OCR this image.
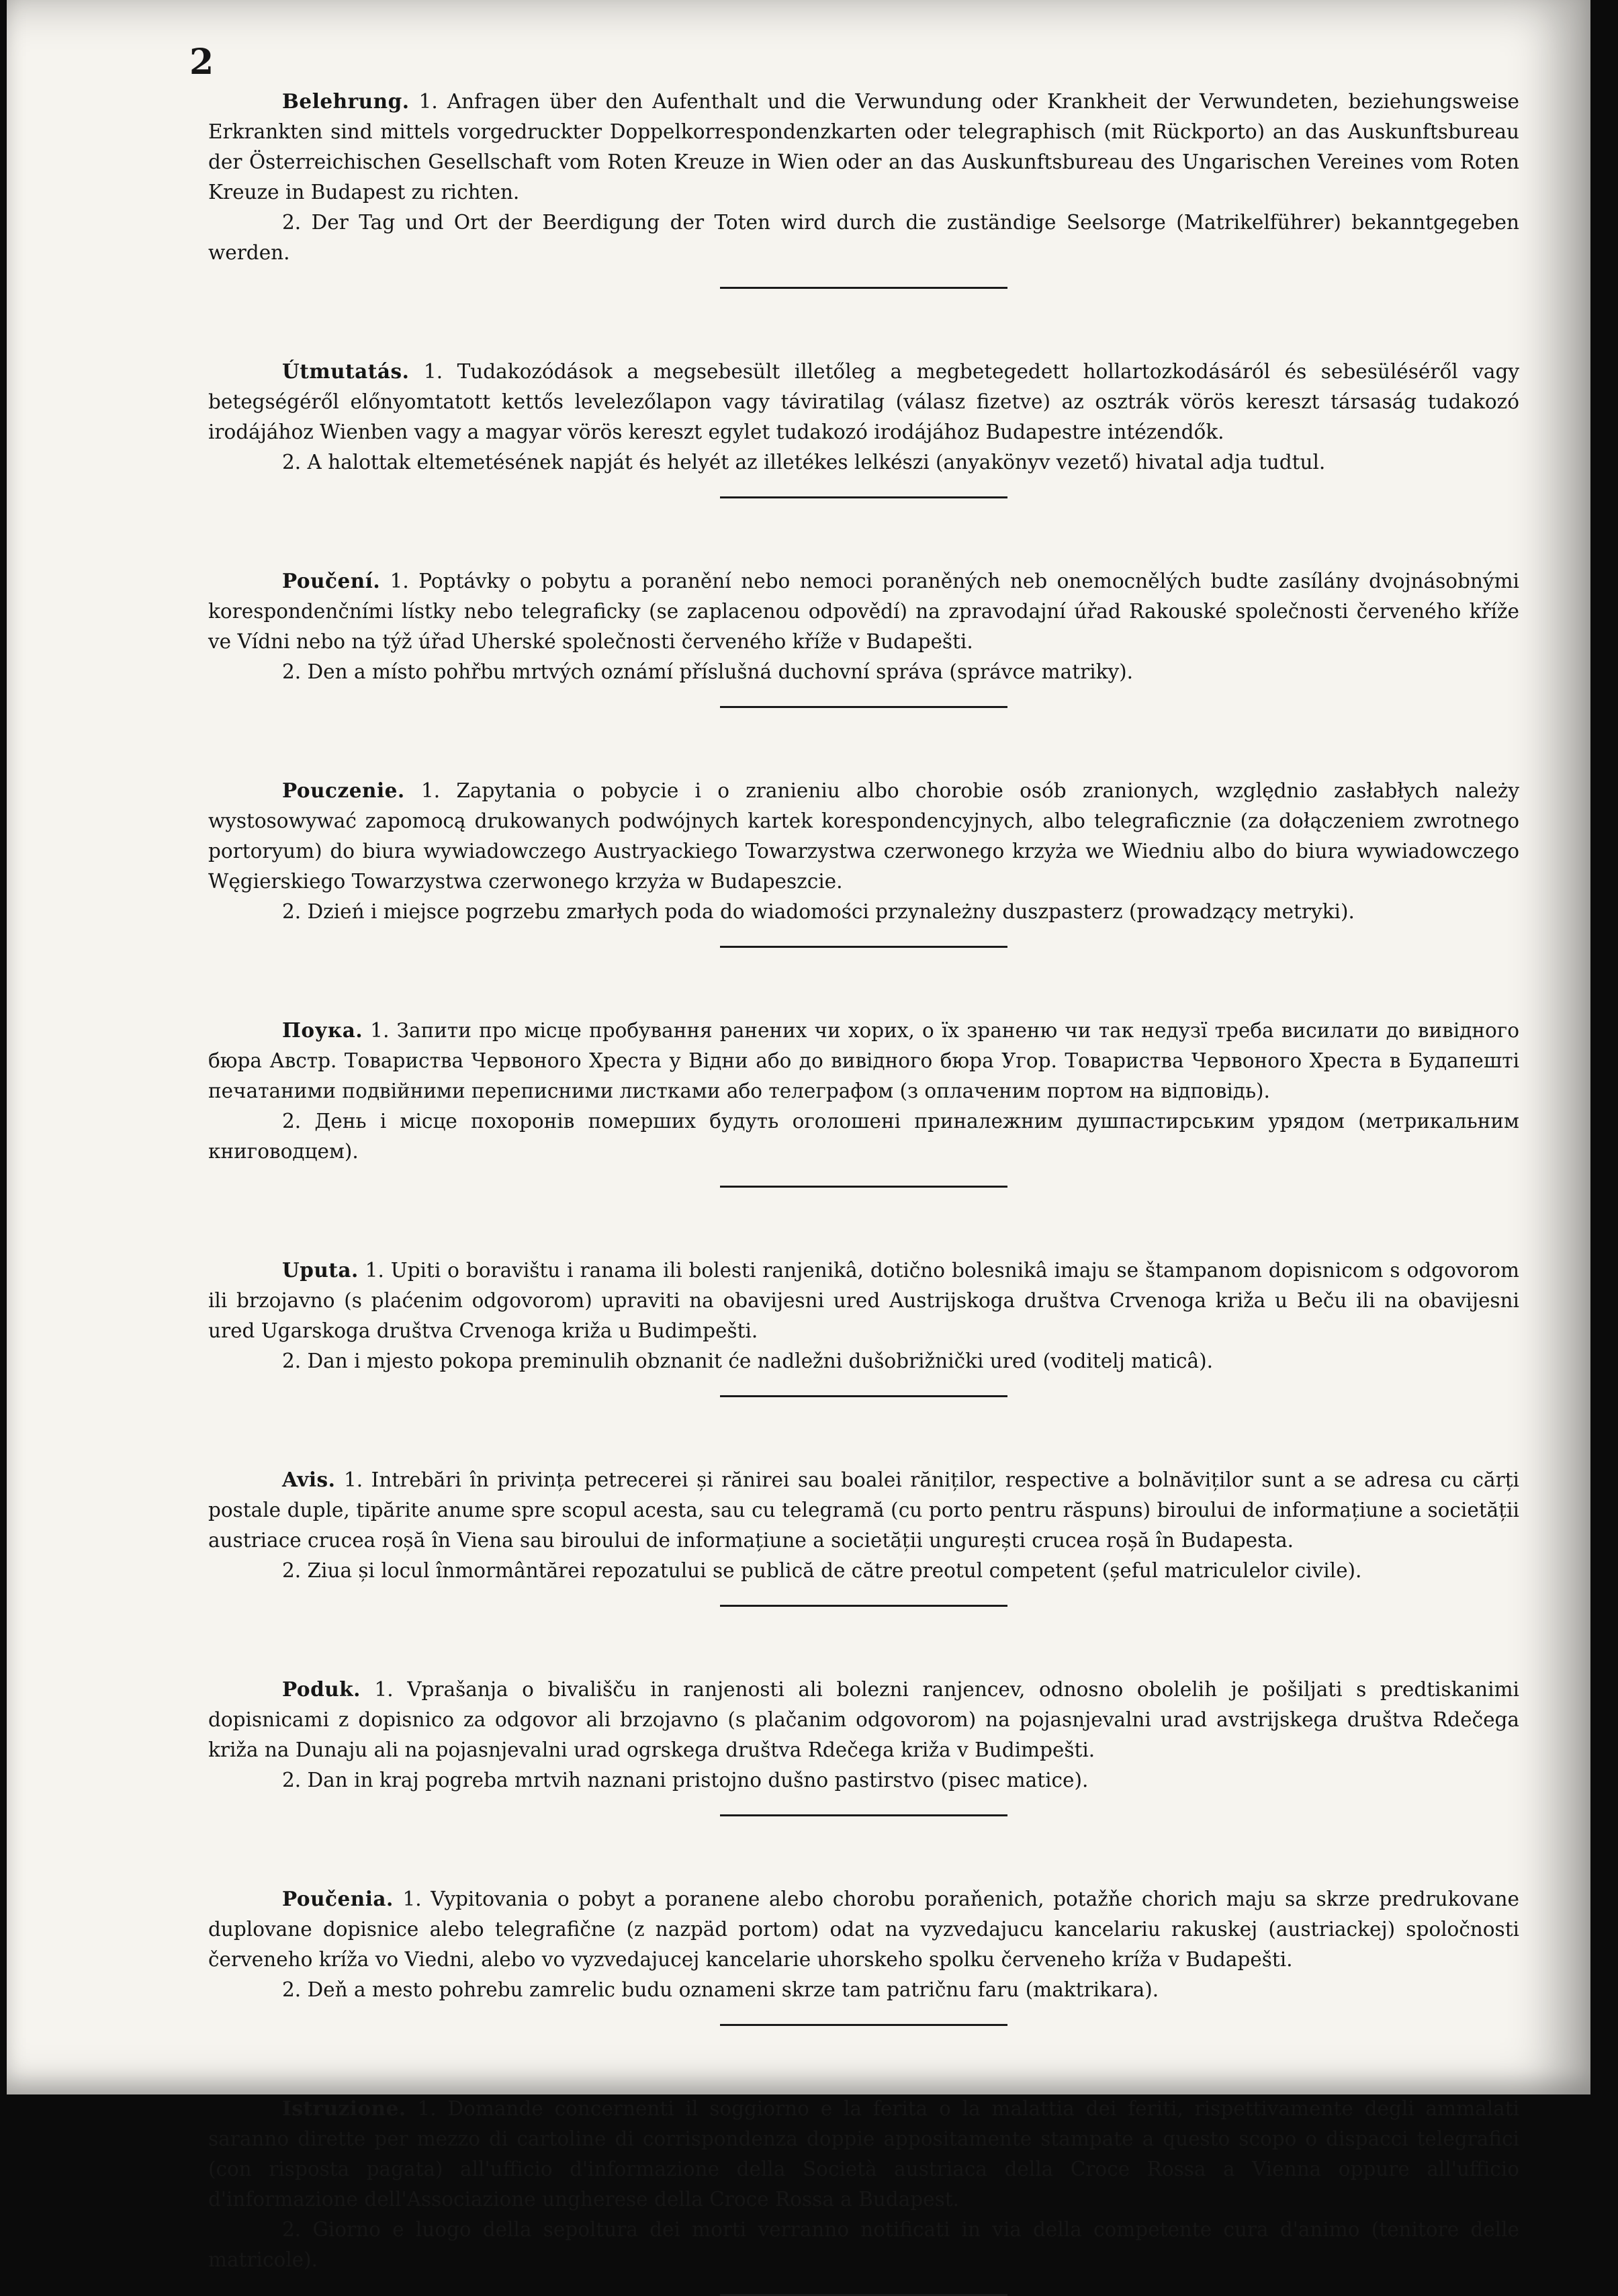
2

Belehrung. 1. Anfragen über den Aufenthalt und die Verwundung oder Krankheit der Verwundeten, beziehungsweise Erkrankten sind mittels vorgedruckter Doppelkorrespondenzkarten oder telegraphisch (mit Rückporto) an das Auskunftsbureau der Österreichischen Gesellschaft vom Roten Kreuze in Wien oder an das Auskunftsbureau des Ungarischen Vereines vom Roten Kreuze in Budapest zu richten.

2. Der Tag und Ort der Beerdigung der Toten wird durch die zuständige Seelsorge (Matrikelführer) bekanntgegeben werden.

Útmutatás. 1. Tudakozódások a megsebesült illetőleg a megbetegedett hollartozkodásáról és sebesüléséről vagy betegségéről előnyomtatott kettős levelezőlapon vagy táviratilag (válasz fizetve) az osztrák vörös kereszt társaság tudakozó irodájához Wienben vagy a magyar vörös kereszt egylet tudakozó irodájához Budapestre intézendők.

2. A halottak eltemetésének napját és helyét az illetékes lelkészi (anyakönyv vezető) hivatal adja tudtul.

Poučení. 1. Poptávky o pobytu a poranění nebo nemoci poraněných neb onemocnělých budte zasílány dvojnásobnými korespondenčními lístky nebo telegraficky (se zaplacenou odpovědí) na zpravodajní úřad Rakouské společnosti červeného kříže ve Vídni nebo na týž úřad Uherské společnosti červeného kříže v Budapešti.

2. Den a místo pohřbu mrtvých oznámí příslušná duchovní správa (správce matriky).

Pouczenie. 1. Zapytania o pobycie i o zranieniu albo chorobie osób zranionych, względnio zasłabłych należy wystosowywać zapomocą drukowanych podwójnych kartek korespondencyjnych, albo telegraficznie (za dołączeniem zwrotnego portoryum) do biura wywiadowczego Austryackiego Towarzystwa czerwonego krzyża we Wiedniu albo do biura wywiadowczego Węgierskiego Towarzystwa czerwonego krzyża w Budapeszcie.

2. Dzień i miejsce pogrzebu zmarłych poda do wiadomości przynależny duszpasterz (prowadzący metryki).

Поука. 1. Запити про місце пробування ранених чи хорих, о їх зраненю чи так недузї треба висилати до вивідного бюра Австр. Товариства Червоного Хреста у Відни або до вивідного бюра Угор. Товариства Червоного Хреста в Будапешті печатаними подвійними переписними листками або телеграфом (з оплаченим портом на відповідь).

2. День і місце похоронів померших будуть оголошені приналежним душпастирським урядом (метрикальним книговодцем).

Uputa. 1. Upiti o boravištu i ranama ili bolesti ranjenikâ, dotično bolesnikâ imaju se štampanom dopisnicom s odgovorom ili brzojavno (s plaćenim odgovorom) upraviti na obavijesni ured Austrijskoga društva Crvenoga križa u Beču ili na obavijesni ured Ugarskoga društva Crvenoga križa u Budimpešti.

2. Dan i mjesto pokopa preminulih obznanit će nadležni dušobrižnički ured (voditelj maticâ).

Avis. 1. Intrebări în privința petrecerei și rănirei sau boalei răniților, respective a bolnăviților sunt a se adresa cu cărți postale duple, tipărite anume spre scopul acesta, sau cu telegramă (cu porto pentru răspuns) biroului de informațiune a societății austriace crucea roșă în Viena sau biroului de informațiune a societății ungurești crucea roșă în Budapesta.

2. Ziua și locul înmormântărei repozatului se publică de către preotul competent (șeful matriculelor civile).

Poduk. 1. Vprašanja o bivališču in ranjenosti ali bolezni ranjencev, odnosno obolelih je pošiljati s predtiskanimi dopisnicami z dopisnico za odgovor ali brzojavno (s plačanim odgovorom) na pojasnjevalni urad avstrijskega društva Rdečega križa na Dunaju ali na pojasnjevalni urad ogrskega društva Rdečega križa v Budimpešti.

2. Dan in kraj pogreba mrtvih naznani pristojno dušno pastirstvo (pisec matice).

Poučenia. 1. Vypitovania o pobyt a poranene alebo chorobu poraňenich, potažňe chorich maju sa skrze predrukovane duplovane dopisnice alebo telegrafične (z nazpäd portom) odat na vyzvedajucu kancelariu rakuskej (austriackej) spoločnosti červeneho kríža vo Viedni, alebo vo vyzvedajucej kancelarie uhorskeho spolku červeneho kríža v Budapešti.

2. Deň a mesto pohrebu zamrelic budu oznameni skrze tam patričnu faru (maktrikara).

Istruzione. 1. Domande concernenti il soggiorno e la ferita o la malattia dei feriti, rispettivamente degli ammalati saranno dirette per mezzo di cartoline di corrispondenza doppie appositamente stampate a questo scopo o dispacci telegrafici (con risposta pagata) all'ufficio d'informazione della Società austriaca della Croce Rossa a Vienna oppure all'ufficio d'informazione dell'Associazione ungherese della Croce Rossa a Budapest.

2. Giorno e luogo della sepoltura dei morti verranno notificati in via della competente cura d'animo (tenitore delle matricole).
